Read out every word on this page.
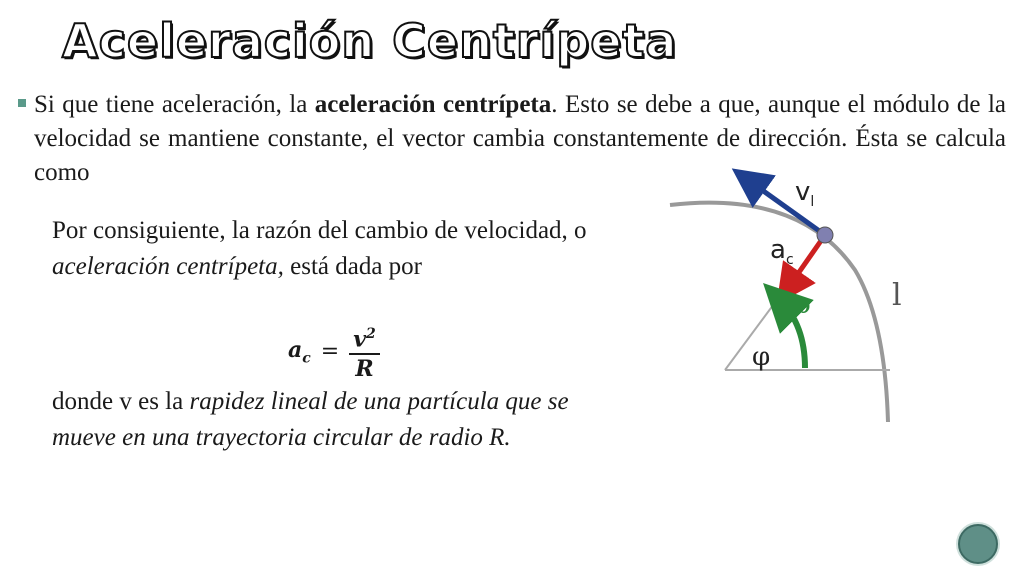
Aceleración Centrípeta
Si que tiene aceleración, la aceleración centrípeta. Esto se debe a que, aunque el módulo de la velocidad se mantiene constante, el vector cambia constantemente de dirección. Ésta se calcula como
Por consiguiente, la razón del cambio de velocidad, o aceleración centrípeta, está dada por
$a_c = \frac{v^2}{R}$
donde v es la rapidez lineal de una partícula que se mueve en una trayectoria circular de radio R.
$v_l$
$a_c$
ω
φ
l
